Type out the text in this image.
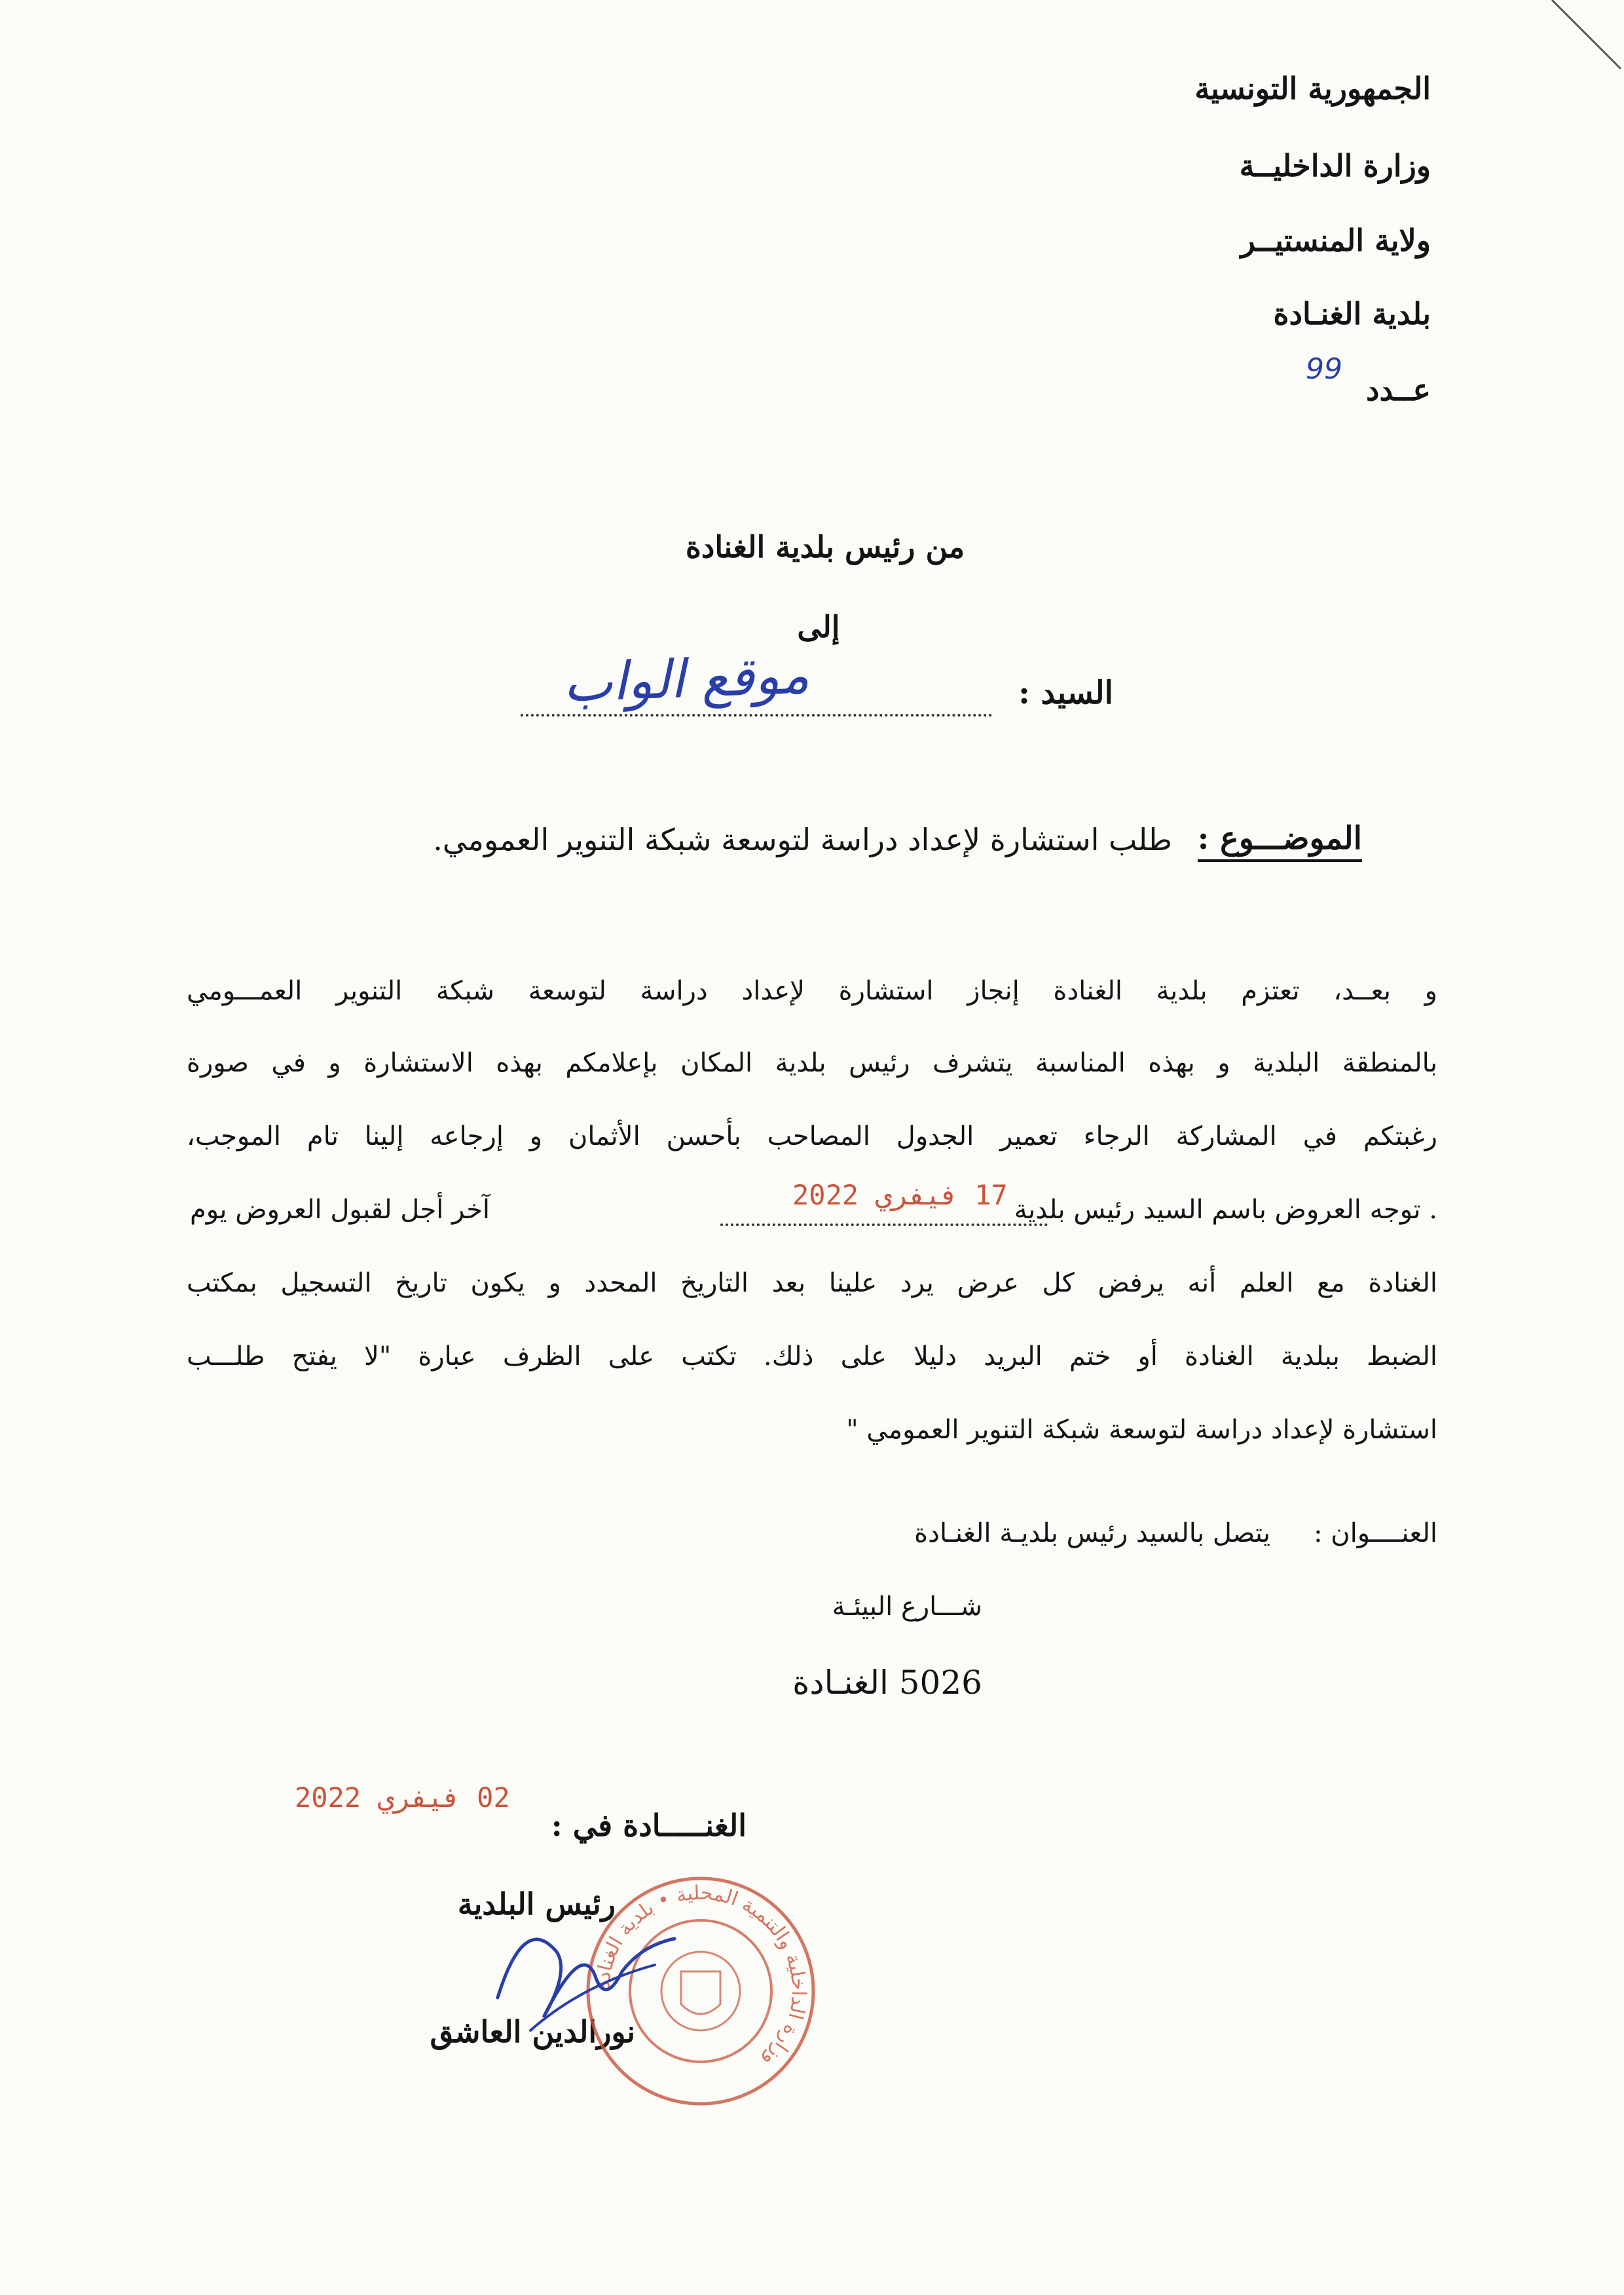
الجمهورية التونسية
وزارة الداخليــة
ولاية المنستيــر
بلدية الغنـادة
عــدد
99
من رئيس بلدية الغنادة
إلى
السيد :
موقع الواب
الموضـــوع :
طلب استشارة لإعداد دراسة لتوسعة شبكة التنوير العمومي.
و بعــد، تعتزم بلدية الغنادة إنجاز استشارة لإعداد دراسة لتوسعة شبكة التنوير العمـــومي
بالمنطقة البلدية و بهذه المناسبة يتشرف رئيس بلدية المكان بإعلامكم بهذه الاستشارة و في صورة
رغبتكم في المشاركة الرجاء تعمير الجدول المصاحب بأحسن الأثمان و إرجاعه إلينا تام الموجب،
. توجه العروض باسم السيد رئيس بلدية
17 فيفري 2022
آخر أجل لقبول العروض يوم
الغنادة مع العلم أنه يرفض كل عرض يرد علينا بعد التاريخ المحدد و يكون تاريخ التسجيل بمكتب
الضبط ببلدية الغنادة أو ختم البريد دليلا على ذلك. تكتب على الظرف عبارة "لا يفتح طلـــب
استشارة لإعداد دراسة لتوسعة شبكة التنوير العمومي "
العنــــوان :
يتصل بالسيد رئيس بلديـة الغنـادة
شـــارع البيئـة
5026 الغنـادة
02 فيفري 2022
الغنـــــادة في :
رئيس البلدية
نورالدين العاشق
وزارة الداخلية والتنمية المحلية • بلدية الغنادة
